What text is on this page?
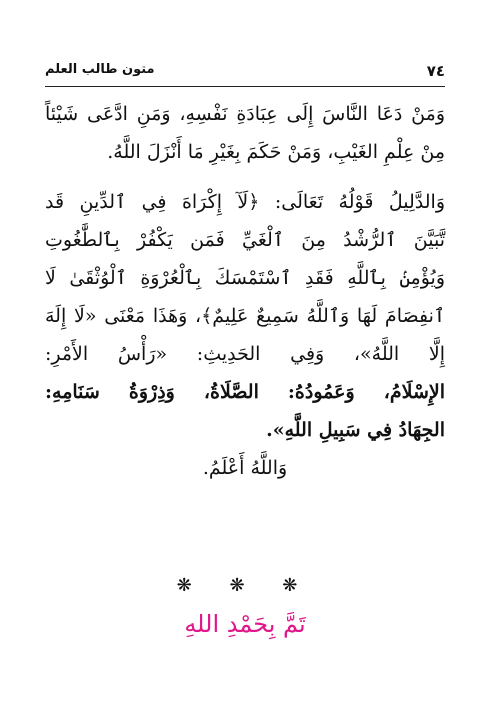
٧٤
متون طالب العلم
وَمَنْ دَعَا النَّاسَ إِلَى عِبَادَةِ نَفْسِهِ، وَمَنِ ادَّعَى شَيْئاً
مِنْ عِلْمِ الغَيْبِ، وَمَنْ حَكَمَ بِغَيْرِ مَا أَنْزَلَ اللَّهُ.
وَالدَّلِيلُ قَوْلُهُ تَعَالَى: ﴿لَآ إِكْرَاهَ فِي ٱلدِّينِ قَد
تَّبَيَّنَ ٱلرُّشْدُ مِنَ ٱلْغَيِّ فَمَن يَكْفُرْ بِٱلطَّٰغُوتِ
وَيُؤْمِنۢ بِٱللَّهِ فَقَدِ ٱسْتَمْسَكَ بِٱلْعُرْوَةِ ٱلْوُثْقَىٰ لَا
ٱنفِصَامَ لَهَا وَٱللَّهُ سَمِيعٌ عَلِيمٌ﴾، وَهَذَا مَعْنَى «لَا إِلَهَ
إِلَّا اللَّهُ»، وَفِي الحَدِيثِ: «رَأْسُ الأَمْرِ:
الإِسْلَامُ، وَعَمُودُهُ: الصَّلَاةُ، وَذِرْوَةُ سَنَامِهِ:
الجِهَادُ فِي سَبِيلِ اللَّهِ».
وَاللَّهُ أَعْلَمُ.
❋ ❋ ❋
تَمَّ بِحَمْدِ اللهِ
